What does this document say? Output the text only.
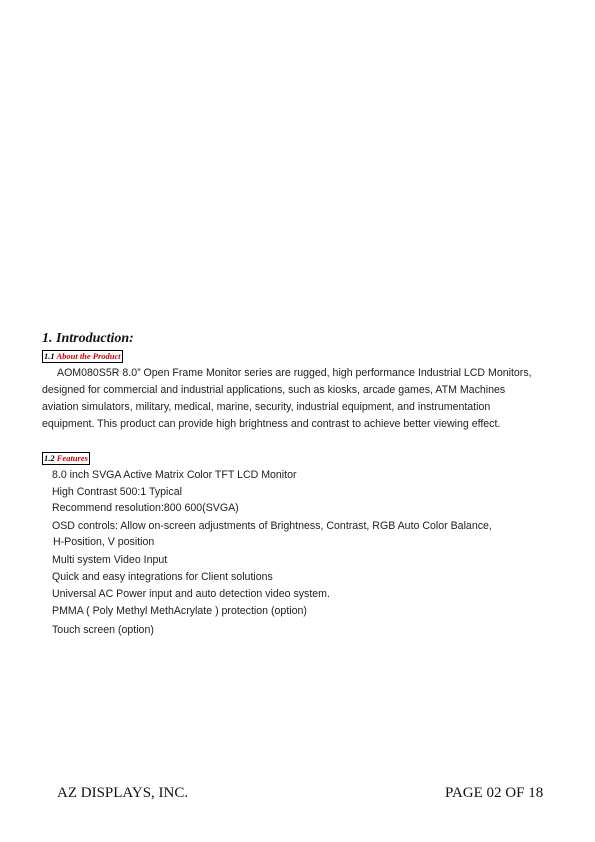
1. Introduction:
1.1 About the Product

AOM080S5R 8.0” Open Frame Monitor series are rugged, high performance Industrial LCD Monitors,

designed for commercial and industrial applications, such as kiosks, arcade games, ATM Machines

aviation simulators, military, medical, marine, security, industrial equipment, and instrumentation

equipment. This product can provide high brightness and contrast to achieve better viewing effect.

1.2 Features
8.0 inch SVGA Active Matrix Color TFT LCD Monitor
High Contrast 500:1 Typical
Recommend resolution:800 600(SVGA)
OSD controls: Allow on-screen adjustments of Brightness, Contrast, RGB Auto Color Balance,
H-Position, V position
Multi system Video Input
Quick and easy integrations for Client solutions
Universal AC Power input and auto detection video system.
PMMA ( Poly Methyl MethAcrylate ) protection (option)
Touch screen (option)
AZ DISPLAYS, INC.	PAGE 02 OF 18
